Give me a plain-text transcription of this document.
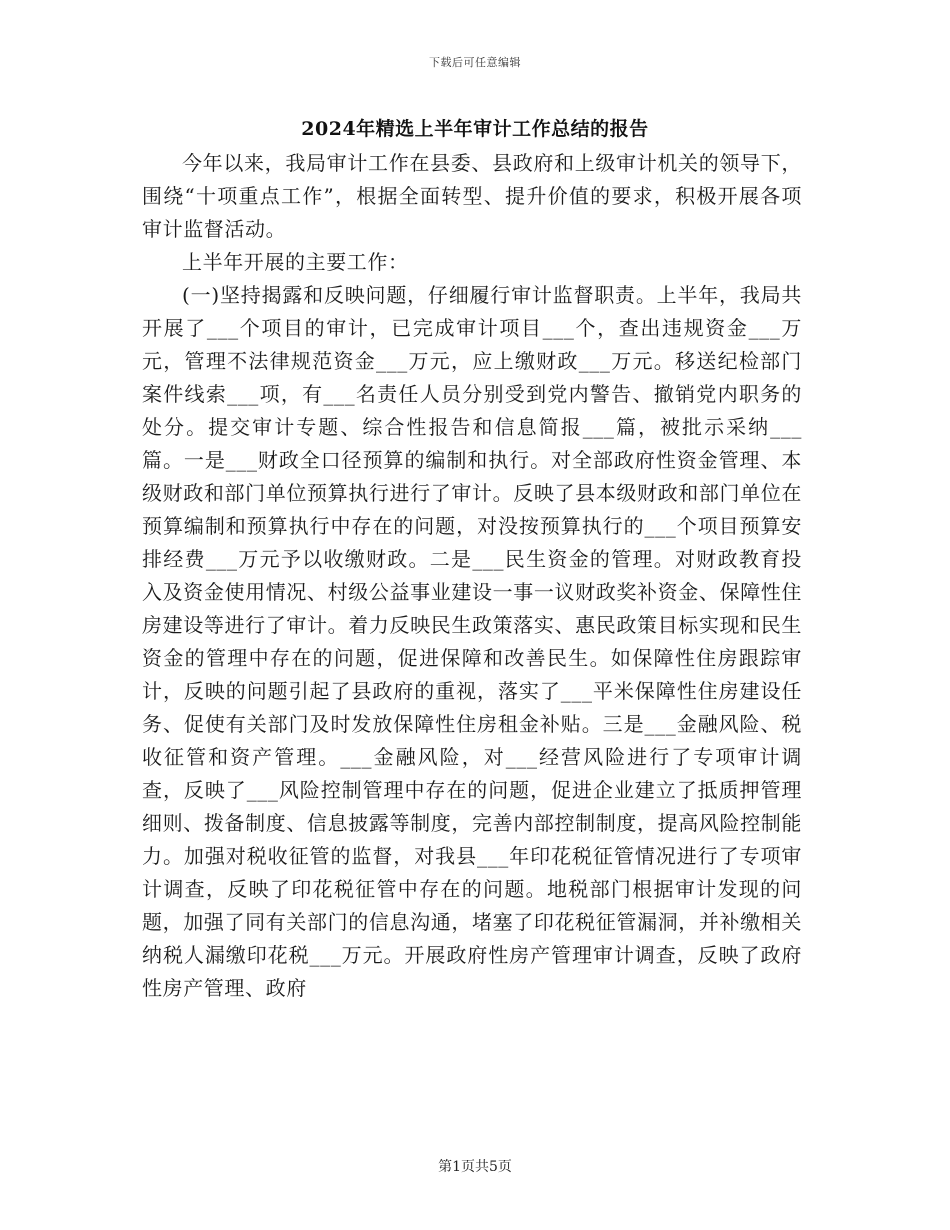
下载后可任意编辑
2024年精选上半年审计工作总结的报告

今年以来，我局审计工作在县委、县政府和上级审计机关的领导下，围绕“十项重点工作”，根据全面转型、提升价值的要求，积极开展各项审计监督活动。

上半年开展的主要工作：

(一)坚持揭露和反映问题，仔细履行审计监督职责。上半年，我局共开展了___个项目的审计，已完成审计项目___个，查出违规资金___万元，管理不法律规范资金___万元，应上缴财政___万元。移送纪检部门案件线索___项，有___名责任人员分别受到党内警告、撤销党内职务的处分。提交审计专题、综合性报告和信息简报___篇，被批示采纳___篇。一是___财政全口径预算的编制和执行。对全部政府性资金管理、本级财政和部门单位预算执行进行了审计。反映了县本级财政和部门单位在预算编制和预算执行中存在的问题，对没按预算执行的___个项目预算安排经费___万元予以收缴财政。二是___民生资金的管理。对财政教育投入及资金使用情况、村级公益事业建设一事一议财政奖补资金、保障性住房建设等进行了审计。着力反映民生政策落实、惠民政策目标实现和民生资金的管理中存在的问题，促进保障和改善民生。如保障性住房跟踪审计，反映的问题引起了县政府的重视，落实了___平米保障性住房建设任务、促使有关部门及时发放保障性住房租金补贴。三是___金融风险、税收征管和资产管理。___金融风险，对___经营风险进行了专项审计调查，反映了___风险控制管理中存在的问题，促进企业建立了抵质押管理细则、拨备制度、信息披露等制度，完善内部控制制度，提高风险控制能力。加强对税收征管的监督，对我县___年印花税征管情况进行了专项审计调查，反映了印花税征管中存在的问题。地税部门根据审计发现的问题，加强了同有关部门的信息沟通，堵塞了印花税征管漏洞，并补缴相关纳税人漏缴印花税___万元。开展政府性房产管理审计调查，反映了政府性房产管理、政府

第1页共5页
